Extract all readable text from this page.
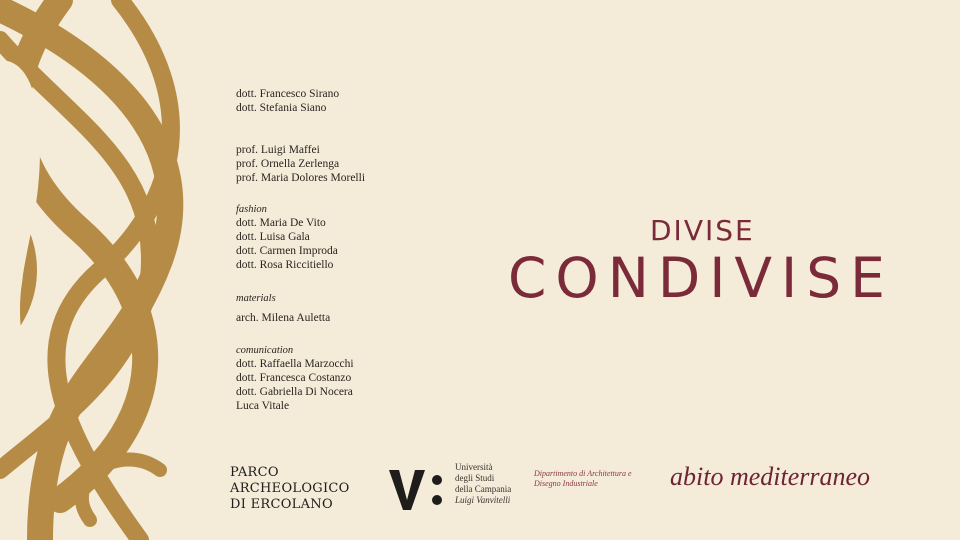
dott. Francesco Sirano
dott. Stefania Siano
prof. Luigi Maffei
prof. Ornella Zerlenga
prof. Maria Dolores Morelli
fashion
dott. Maria De Vito
dott. Luisa Gala
dott. Carmen Improda
dott. Rosa Riccitiello
materials
arch. Milena Auletta
comunication
dott. Raffaella Marzocchi
dott. Francesca Costanzo
dott. Gabriella Di Nocera
Luca Vitale
DIVISE
CONDIVISE
PARCO
ARCHEOLOGICO
DI ERCOLANO
Università
degli Studi
della Campania
Luigi Vanvitelli
Dipartimento di Architettura e
Disegno Industriale	abito mediterraneo
